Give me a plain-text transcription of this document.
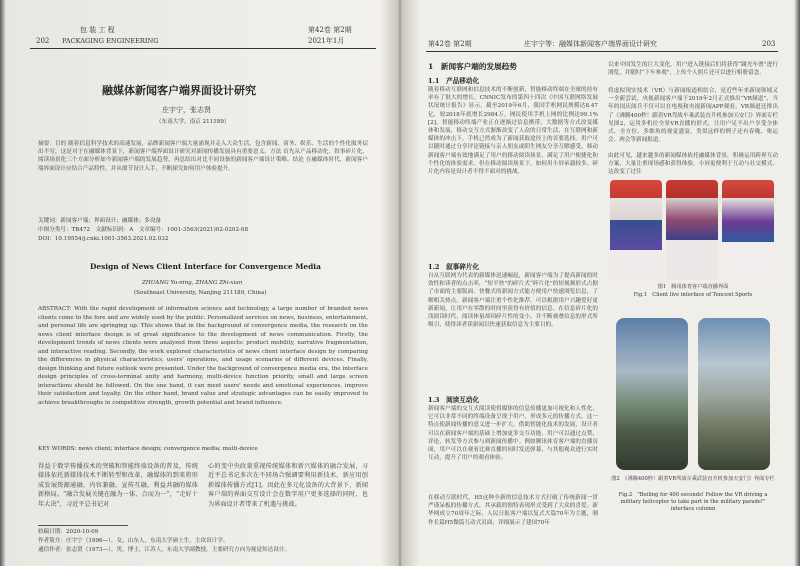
包 装 工 程
202 PACKAGING ENGINEERING
第42卷 第2期
2021年1月
融媒体新闻客户端界面设计研究
庄宇宁，张志贤
（东南大学，南京 211189）
摘要：目的 随着信息科学技术的高速发展，品牌新闻客户端大量涌现并走入大众生活，包含新闻、商务、娱乐、生活的个性化服务层出不穷，这是对于在融媒体背景下，新闻客户端界面设计研究对新闻传播发展具有重要意义。方法 首先从产品移动化、叙事碎片化、阅读场景化三个方面分析如今新闻客户端的发展趋势，再总结出对比不同设备的新闻客户端设计策略。结论 在融媒体时代，新闻客户端界面设计应结合产品特性，并从细节设计入手，不断探究如何用户体验提升。
关键词：新闻客户端；界面设计；融媒体；多设备
中图分类号：TB472　文献标识码：A　文章编号：1001-3563(2021)02-0202-08
DOI：10.19554/j.cnki.1001-3563.2021.02.032
Design of News Client Interface for Convergence Media
ZHUANG Yu-ning, ZHANG Zhi-xian
(Southeast University, Nanjing 211189, China)
ABSTRACT: With the rapid development of information science and technology, a large number of branded news clients come to the fore and are widely used by the public. Personalized services on news, business, entertainment, and personal life are springing up. This shows that in the background of convergence media, the research on the news client interface design is of great significance to the development of news communication. Firstly, the development trends of news clients were analyzed from three aspects: product mobility, narrative fragmentation, and interactive reading. Secondly, the work explored characteristics of news client interface design by comparing the differences in physical characteristics, users' operations, and usage scenarios of different devices. Finally, design thinking and future outlook were presented. Under the background of convergence media era, the interface design principles of cross-terminal unity and harmony, multi-device function priority, small and large screen interactions should be followed. On the one hand, it can meet users' needs and emotional experiences, improve their satisfaction and loyalty. On the other hand, brand value and strategic advantages can be easily improved to achieve breakthroughs in competitive strength, growth potential and brand influence.
KEY WORDS: news client; interface design; convergence media; multi-device
得益于数字传播技术的突破和智能终端设备的普及，传统媒体依托新媒体技术不断转型和改革，融媒体的到来将形成发展资源通融、内容兼融、宣传互融、利益共融的媒体新格局。“融合发展关键在融为一体、合而为一”，“走好十年大决”，习近平总书记对
心的变中央政量重视传统媒体和新兴媒体的融合发展，习近平总书记多次在不同场合强调要利用新技术，新应用创新媒体传播方式[1]。因此在多元化设备的大背景下，新闻客户端的界面交互设计会在数字用户更多选择的同时，也为界面设计者带来了机遇与挑战。
收稿日期：2020-10-09
作者简介：庄宇宁（1996—），女，山东人，东南大学硕士生，主攻设计学。
通信作者：张志贤（1973—），男，博士，江苏人，东南大学副教授，主要研究方向为视觉传达设计。
第42卷 第2期	庄宇宁等：融媒体新闻客户端界面设计研究	203
1　新闻客户端的发展趋势
1.1　产品移动化
随着移动互联网和信息技术的不断创新，智能移动终端在全球的持有率有了很大的增长。CNNIC发布的第四十四次《中国互联网络发展状况统计报告》显示，截至2019年6月，我国手机网民规模达8.47亿，较2018年底增长2984万，网民使用手机上网的比例达99.1%[2]。智能移动终端产业正在逐渐过信息携带，大数据等方式改变媒体和发展，移动交互方式渐渐改变了人众的日常生活，在互联网和新媒体的冲击下，手机已然成为了新闻获取途径上的首要选择。用户可以随时通过分享评论链接与亲人朋友或陌生网友分享互解感受。移动新闻客户端有效地满足了用户的移动阅读场景，满足了用户便捷化和个性化的体验需求。但在移动阅读场景下，如何用小屏承载较多、碎片化内容是设计者不得不面对的挑战。
1.2　叙事碎片化
自从互联网为代表的新媒体迅速崛起，新闻客户端为了提高新闻的时效性和读者的点击率，“短平快”的碎片式“碎片化”的短视频形式占据了市面的主要版面。快餐式的新闻方式能方便用户快速浏览信息，了解相关热点。新闻客户端注重个性化推荐，可以根据用户兴趣爱好更新新闻，让用户在零散的时间里获得有价值的信息。在信息碎片化的浅阅读时代，阅读体量却因碎片性的变小，并不断被叠信息的形式所吸引，使得读者读新闻以快速获取信息为主要目的。
1.3　阅读互动化
新闻客户端的交互式阅读使得媒体的信息传播更加可视化和人性化，它可以非常不同的终端设备呈现于用户，形成多元的传播方式。这一特点使新闻传播的意义进一步扩大。借助智能化技术的发展，设计者可以在新闻客户端的基础上增加更多交互功能，用户可以通过点赞、评论、转发等方式参与到新闻传播中。例如腾讯体育客户端的直播页面，用户可以在观看比赛直播的同时发送弹幕，与其他观众进行实时互动，提升了用户的观看体验。
在移动互联时代，H5这种全新的信息技术方式打破了传统新闻一贯严谨呆板的传播方式，其承载的独特表现形式受到了大众的喜爱。新华网成立70周年之际，人民日报客户端以复式大篇70年为主题，制作长篇H5微篇互动式页面，详细展示了建国70年
以来中国发生的巨大变化。用户进入链接后们将获得“蹑光车票”进行浏览，并随时“下车参观”，上传个人照片还可以进行相册留念。
将虚拟现实技术（VR）与新闻报道相结合，是近些年来新闻领域又一全新尝试。央视新闻客户端于2019年2月正式推出“VR频道”，当年的国庆阅兵不仅可以在电视和央视新闻APP观看，VR频道还推出了《沸腾400秒！跟着VR驾战车乘武装直升机参加天安门》界面专栏见图2，运用多机位全景VR直播的形式，让用户足不出户享受全体式、全方位、多维角的视觉盛宴。类似这样的例子还有春晚、奥运会、两会等新闻报道。
由此可见，越来越多的新闻媒体依托融媒体背景，积极运用跨界互动方案，大量注重现场感和获得体验，小屏更便利于互动与社交模式。这改变了过往
图1　腾讯体育客户端直播界面
Fig.1　Client live interface of Tencent Sports
图2　《沸腾400秒！跟着VR驾战车乘武装直升机参加天安门》界面专栏
Fig.2　"Boiling for 400 seconds! Follow the VR driving a military helicopter to take part in the military parade!" interface column
